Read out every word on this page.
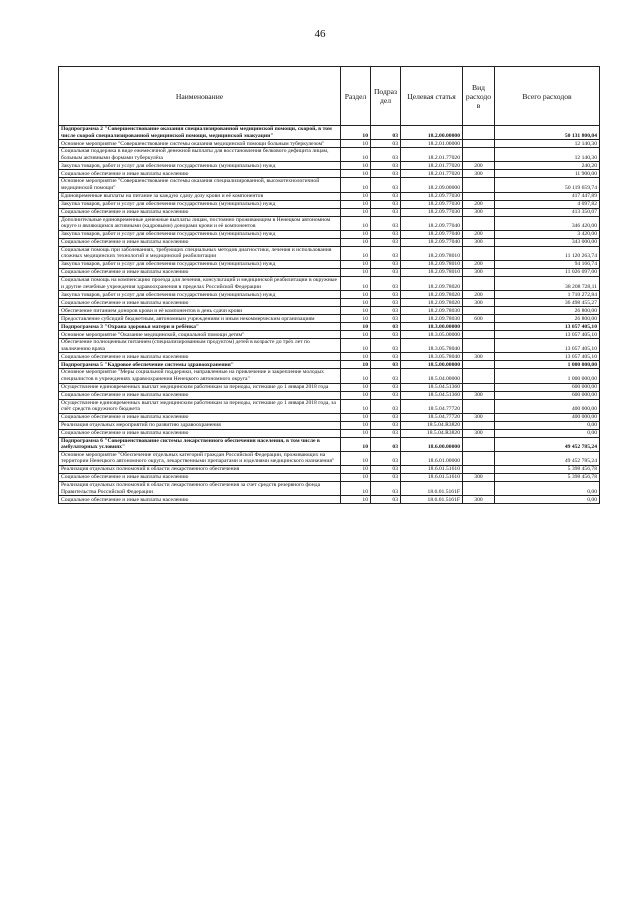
46
Наименование	Раздел	Подраз дел	Целевая статья	Вид расходо в	Всего расходов
Подпрограмма 2 "Совершенствование оказания специализированной медицинской помощи, скорой, в том числе скорой специализированной медицинской помощи, медицинской эвакуации"	10	03	18.2.00.00000		50 131 800,04
Основное мероприятие "Совершенствование системы оказания медицинской помощи больным туберкулезом"	10	03	18.2.01.00000		12 140,30
Социальная поддержка в виде ежемесячной денежной выплаты для восстановления белкового дефицита лицам, больным активными формами туберкулёза	10	03	18.2.01.77020		12 140,30
Закупка товаров, работ и услуг для обеспечения государственных (муниципальных) нужд	10	03	18.2.01.77020	200	240,20
Социальное обеспечение и иные выплаты населению	10	03	18.2.01.77020	300	11 900,00
Основное мероприятие "Совершенствование системы оказания специализированной, высокотехнологичной медицинской помощи"	10	03	18.2.09.00000		50 119 659,74
Единовременные выплаты на питание за каждую сдачу дозу крови и её компонентов	10	03	18.2.09.77030		417 447,89
Закупка товаров, работ и услуг для обеспечения государственных (муниципальных) нужд	10	03	18.2.09.77030	200	4 097,82
Социальное обеспечение и иные выплаты населению	10	03	18.2.09.77030	300	413 350,07
Дополнительные единовременные денежные выплаты лицам, постоянно проживающим в Ненецком автономном округе и являющимся активными (кадровыми) донорами крови и её компонентов	10	03	18.2.09.77040		346 420,00
Закупка товаров, работ и услуг для обеспечения государственных (муниципальных) нужд	10	03	18.2.09.77040	200	3 420,00
Социальное обеспечение и иные выплаты населению	10	03	18.2.09.77040	300	343 000,00
Социальная помощь при заболеваниях, требующих специальных методов диагностики, лечения и использования сложных медицинских технологий и медицинской реабилитации	10	03	18.2.09.78010		11 120 263,74
Закупка товаров, работ и услуг для обеспечения государственных (муниципальных) нужд	10	03	18.2.09.78010	200	94 166,74
Социальное обеспечение и иные выплаты населению	10	03	18.2.09.78010	300	11 026 097,00
Социальная помощь на компенсацию проезда для лечения, консультаций и медицинской реабилитации в окружные и другие лечебные учреждения здравоохранения в пределах Российской Федерации	10	03	18.2.09.78020		38 208 728,11
Закупка товаров, работ и услуг для обеспечения государственных (муниципальных) нужд	10	03	18.2.09.78020	200	1 710 272,84
Социальное обеспечение и иные выплаты населению	10	03	18.2.09.78020	300	36 498 455,27
Обеспечение питанием доноров крови и её компонентов в день сдачи крови	10	03	18.2.09.78030		26 800,00
Предоставление субсидий бюджетным, автономным учреждениям и иным некоммерческим организациям	10	03	18.2.09.78030	600	26 800,00
Подпрограмма 3 "Охрана здоровья матери и ребёнка"	10	03	18.3.00.00000		13 057 405,10
Основное мероприятие "Оказание медицинской, социальной помощи детям"	10	03	18.3.05.00000		13 057 405,10
Обеспечение полноценным питанием (специализированным продуктом) детей в возрасте до трёх лет по заключению врача	10	03	18.3.05.78040		13 057 405,10
Социальное обеспечение и иные выплаты населению	10	03	18.3.05.78040	300	13 057 405,10
Подпрограмма 5 "Кадровое обеспечение системы здравоохранения"	10	03	18.5.00.00000		1 000 000,00
Основное мероприятие "Меры социальной поддержки, направленные на привлечение и закрепление молодых специалистов в учреждениях здравоохранения Ненецкого автономного округа"	10	03	18.5.04.00000		1 000 000,00
Осуществление единовременных выплат медицинским работникам за периоды, истекшие до 1 января 2018 года	10	03	18.5.04.51360		600 000,00
Социальное обеспечение и иные выплаты населению	10	03	18.5.04.51360	300	600 000,00
Осуществление единовременных выплат медицинским работникам за периоды, истекшие до 1 января 2018 года, за счёт средств окружного бюджета	10	03	18.5.04.77720		400 000,00
Социальное обеспечение и иные выплаты населению	10	03	18.5.04.77720	300	400 000,00
Реализация отдельных мероприятий по развитию здравоохранения	10	03	18.5.04.R3820		0,00
Социальное обеспечение и иные выплаты населению	10	03	18.5.04.R3820	300	0,00
Подпрограмма 6 "Совершенствование системы лекарственного обеспечения населения, в том числе в амбулаторных условиях"	10	03	18.6.00.00000		49 452 785,24
Основное мероприятие "Обеспечение отдельных категорий граждан Российской Федерации, проживающих на территории Ненецкого автономного округа, лекарственными препаратами и изделиями медицинского назначения"	10	03	18.6.01.00000		49 452 785,24
Реализация отдельных полномочий в области лекарственного обеспечения	10	03	18.6.01.51610		5 398 456,78
Социальное обеспечение и иные выплаты населению	10	03	18.6.01.51610	300	5 398 456,78
Реализация отдельных полномочий в области лекарственного обеспечения за счет средств резервного фонда Правительства Российской Федерации	10	03	18.6.01.5161F		0,00
Социальное обеспечение и иные выплаты населению	10	03	18.6.01.5161F	300	0,00
